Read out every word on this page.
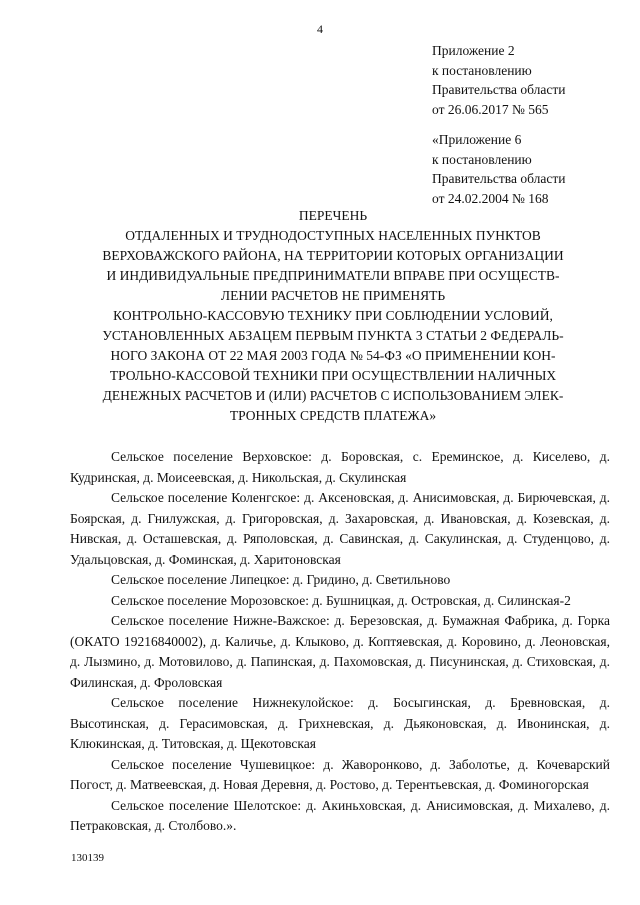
4
Приложение 2
к постановлению
Правительства области
от 26.06.2017 № 565
«Приложение 6
к постановлению
Правительства области
от 24.02.2004 № 168
ПЕРЕЧЕНЬ
ОТДАЛЕННЫХ И ТРУДНОДОСТУПНЫХ НАСЕЛЕННЫХ ПУНКТОВ
ВЕРХОВАЖСКОГО РАЙОНА, НА ТЕРРИТОРИИ КОТОРЫХ ОРГАНИЗАЦИИ
И ИНДИВИДУАЛЬНЫЕ ПРЕДПРИНИМАТЕЛИ ВПРАВЕ ПРИ ОСУЩЕСТВ-
ЛЕНИИ РАСЧЕТОВ НЕ ПРИМЕНЯТЬ
КОНТРОЛЬНО-КАССОВУЮ ТЕХНИКУ ПРИ СОБЛЮДЕНИИ УСЛОВИЙ,
УСТАНОВЛЕННЫХ АБЗАЦЕМ ПЕРВЫМ ПУНКТА 3 СТАТЬИ 2 ФЕДЕРАЛЬ-
НОГО ЗАКОНА ОТ 22 МАЯ 2003 ГОДА № 54-ФЗ «О ПРИМЕНЕНИИ КОН-
ТРОЛЬНО-КАССОВОЙ ТЕХНИКИ ПРИ ОСУЩЕСТВЛЕНИИ НАЛИЧНЫХ
ДЕНЕЖНЫХ РАСЧЕТОВ И (ИЛИ) РАСЧЕТОВ С ИСПОЛЬЗОВАНИЕМ ЭЛЕК-
ТРОННЫХ СРЕДСТВ ПЛАТЕЖА»

Сельское поселение Верховское: д. Боровская, с. Ереминское, д. Киселево, д. Кудринская, д. Моисеевская, д. Никольская, д. Скулинская

Сельское поселение Коленгское: д. Аксеновская, д. Анисимовская, д. Бирючевская, д. Боярская, д. Гнилужская, д. Григоровская, д. Захаровская, д. Ивановская, д. Козевская, д. Нивская, д. Осташевская, д. Ряполовская, д. Савинская, д. Сакулинская, д. Студенцово, д. Удальцовская, д. Фоминская, д. Харитоновская

Сельское поселение Липецкое: д. Гридино, д. Светильново

Сельское поселение Морозовское: д. Бушницкая, д. Островская, д. Силинская-2

Сельское поселение Нижне-Важское: д. Березовская, д. Бумажная Фабрика, д. Горка (ОКАТО 19216840002), д. Каличье, д. Клыково, д. Коптяевская, д. Коровино, д. Леоновская, д. Лызмино, д. Мотовилово, д. Папинская, д. Пахомовская, д. Писунинская, д. Стиховская, д. Филинская, д. Фроловская

Сельское поселение Нижнекулойское: д. Босыгинская, д. Бревновская, д. Высотинская, д. Герасимовская, д. Грихневская, д. Дьяконовская, д. Ивонинская, д. Клюкинская, д. Титовская, д. Щекотовская

Сельское поселение Чушевицкое: д. Жаворонково, д. Заболотье, д. Кочеварский Погост, д. Матвеевская, д. Новая Деревня, д. Ростово, д. Терентьевская, д. Фоминогорская

Сельское поселение Шелотское: д. Акиньховская, д. Анисимовская, д. Михалево, д. Петраковская, д. Столбово.».

130139
